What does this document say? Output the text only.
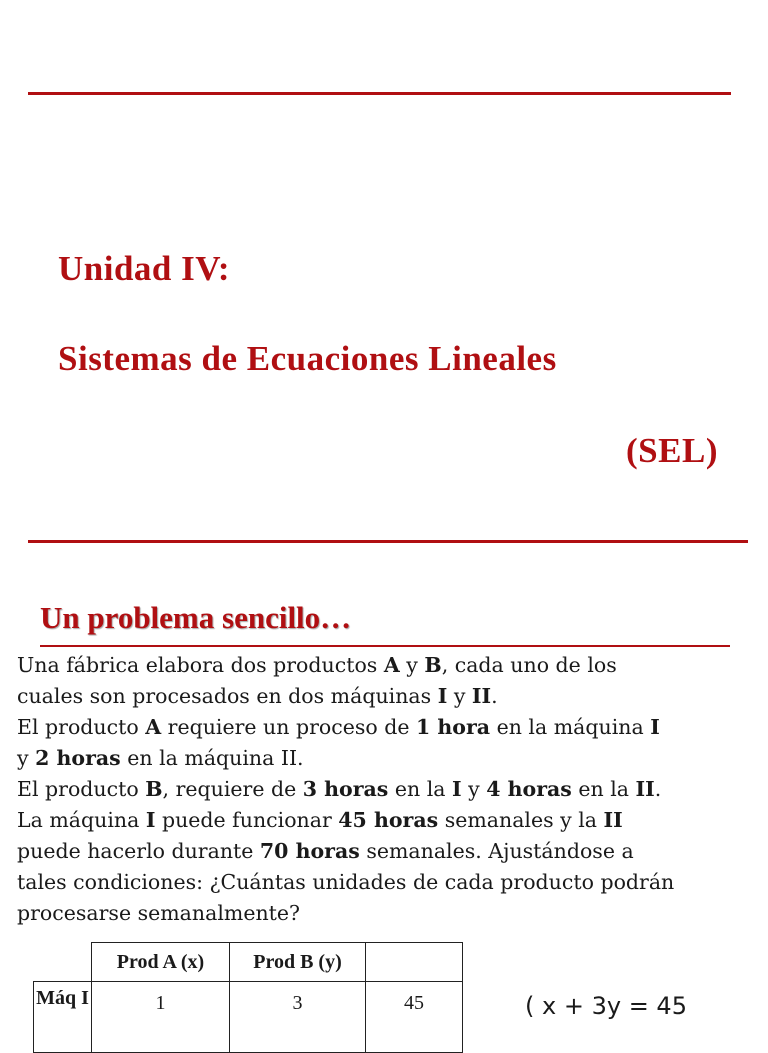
Unidad IV:
Sistemas de Ecuaciones Lineales
(SEL)
Un problema sencillo…
Una fábrica elabora dos productos A y B, cada uno de los
cuales son procesados en dos máquinas I y II.
El producto A requiere un proceso de 1 hora en la máquina I
y 2 horas en la máquina II.
El producto B, requiere de 3 horas en la I y 4 horas en la II.
La máquina I puede funcionar 45 horas semanales y la II
puede hacerlo durante 70 horas semanales. Ajustándose a
tales condiciones: ¿Cuántas unidades de cada producto podrán
procesarse semanalmente?
	Prod A (x)	Prod B (y)	
Máq I	1	3	45	( x + 3y = 45
